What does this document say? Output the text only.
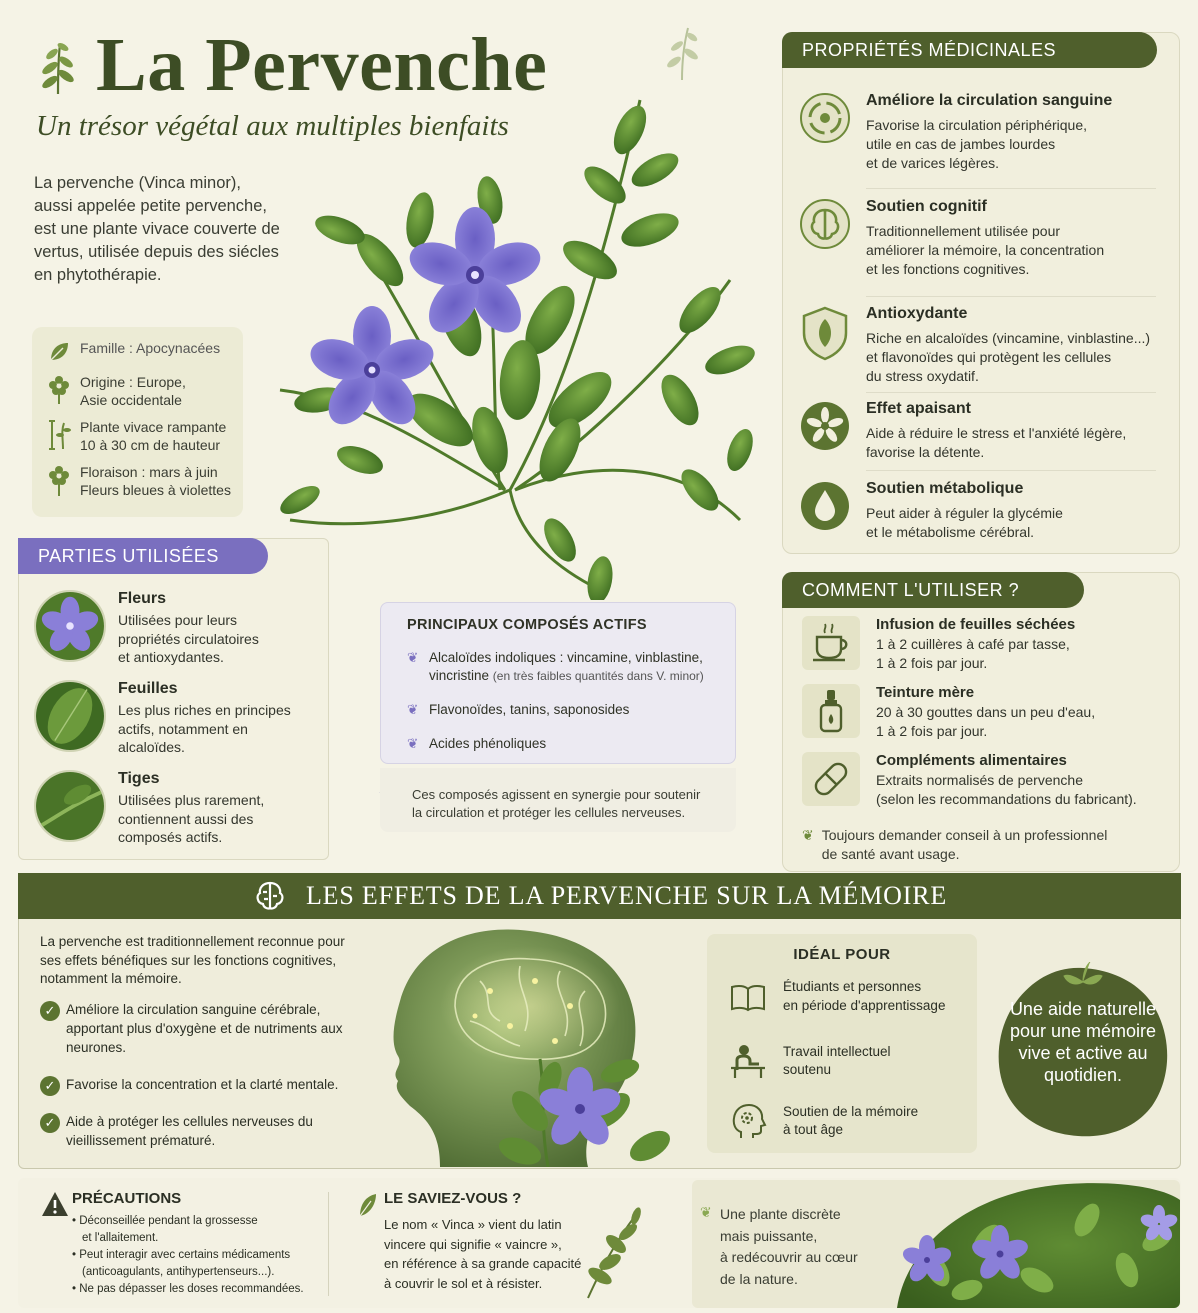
La Pervenche
Un trésor végétal aux multiples bienfaits

La pervenche (Vinca minor), aussi appelée petite pervenche, est une plante vivace couverte de vertus, utilisée depuis des siécles en phytothérapie.

Famille : Apocynacées
Origine : Europe,
Asie occidentale
Plante vivace rampante
10 à 30 cm de hauteur
Floraison : mars à juin
Fleurs bleues à violettes
PROPRIÉTÉS MÉDICINALES
Améliore la circulation sanguine

Favorise la circulation périphérique,
utile en cas de jambes lourdes
et de varices légères.

Soutien cognitif

Traditionnellement utilisée pour
améliorer la mémoire, la concentration
et les fonctions cognitives.

Antioxydante

Riche en alcaloïdes (vincamine, vinblastine...)
et flavonoïdes qui protègent les cellules
du stress oxydatif.

Effet apaisant

Aide à réduire le stress et l'anxiété légère,
favorise la détente.

Soutien métabolique

Peut aider à réguler la glycémie
et le métabolisme cérébral.

PARTIES UTILISÉES
Fleurs

Utilisées pour leurs
propriétés circulatoires
et antioxydantes.

Feuilles

Les plus riches en principes
actifs, notamment en
alcaloïdes.

Tiges

Utilisées plus rarement,
contiennent aussi des
composés actifs.

PRINCIPAUX COMPOSÉS ACTIFS
❦ Alcaloïdes indoliques : vincamine, vinblastine,
vincristine (en très faibles quantités dans V. minor)
❦ Flavonoïdes, tanins, saponosides
❦ Acides phénoliques
Ces composés agissent en synergie pour soutenir
la circulation et protéger les cellules nerveuses.
COMMENT L'UTILISER ?
Infusion de feuilles séchées

1 à 2 cuillères à café par tasse,
1 à 2 fois par jour.

Teinture mère

20 à 30 gouttes dans un peu d'eau,
1 à 2 fois par jour.

Compléments alimentaires

Extraits normalisés de pervenche
(selon les recommandations du fabricant).

❦ Toujours demander conseil à un professionnel
de santé avant usage.
LES EFFETS DE LA PERVENCHE SUR LA MÉMOIRE

La pervenche est traditionnellement reconnue pour ses effets bénéfiques sur les fonctions cognitives, notamment la mémoire.

✓ Améliore la circulation sanguine cérébrale, apportant plus d'oxygène et de nutriments aux neurones.
✓ Favorise la concentration et la clarté mentale.
✓ Aide à protéger les cellules nerveuses du vieillissement prématuré.
IDÉAL POUR
Étudiants et personnes
en période d'apprentissage
Travail intellectuel
soutenu
Soutien de la mémoire
à tout âge
Une aide naturelle pour une mémoire vive et active au quotidien.
PRÉCAUTIONS
• Déconseillée pendant la grossesse
et l'allaitement.
• Peut interagir avec certains médicaments
(anticoagulants, antihypertenseurs...).
• Ne pas dépasser les doses recommandées.
LE SAVIEZ-VOUS ?

Le nom « Vinca » vient du latin
vincere qui signifie « vaincre »,
en référence à sa grande capacité
à couvrir le sol et à résister.

❦ Une plante discrète
mais puissante,
à redécouvrir au cœur
de la nature.
